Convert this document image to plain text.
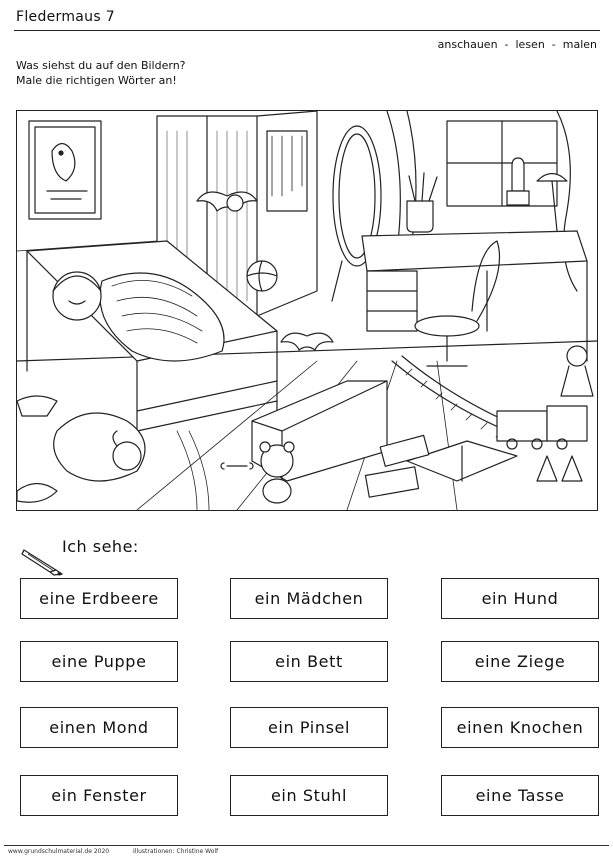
Fledermaus 7
anschauen  -  lesen  -  malen
Was siehst du auf den Bildern?
Male die richtigen Wörter an!
Ich sehe:
eine Erdbeere	ein Mädchen	ein Hund
eine Puppe	ein Bett	eine Ziege
einen Mond	ein Pinsel	einen Knochen
ein Fenster	ein Stuhl	eine Tasse
www.grundschulmaterial.de 2020	Illustrationen: Christine Wolf
